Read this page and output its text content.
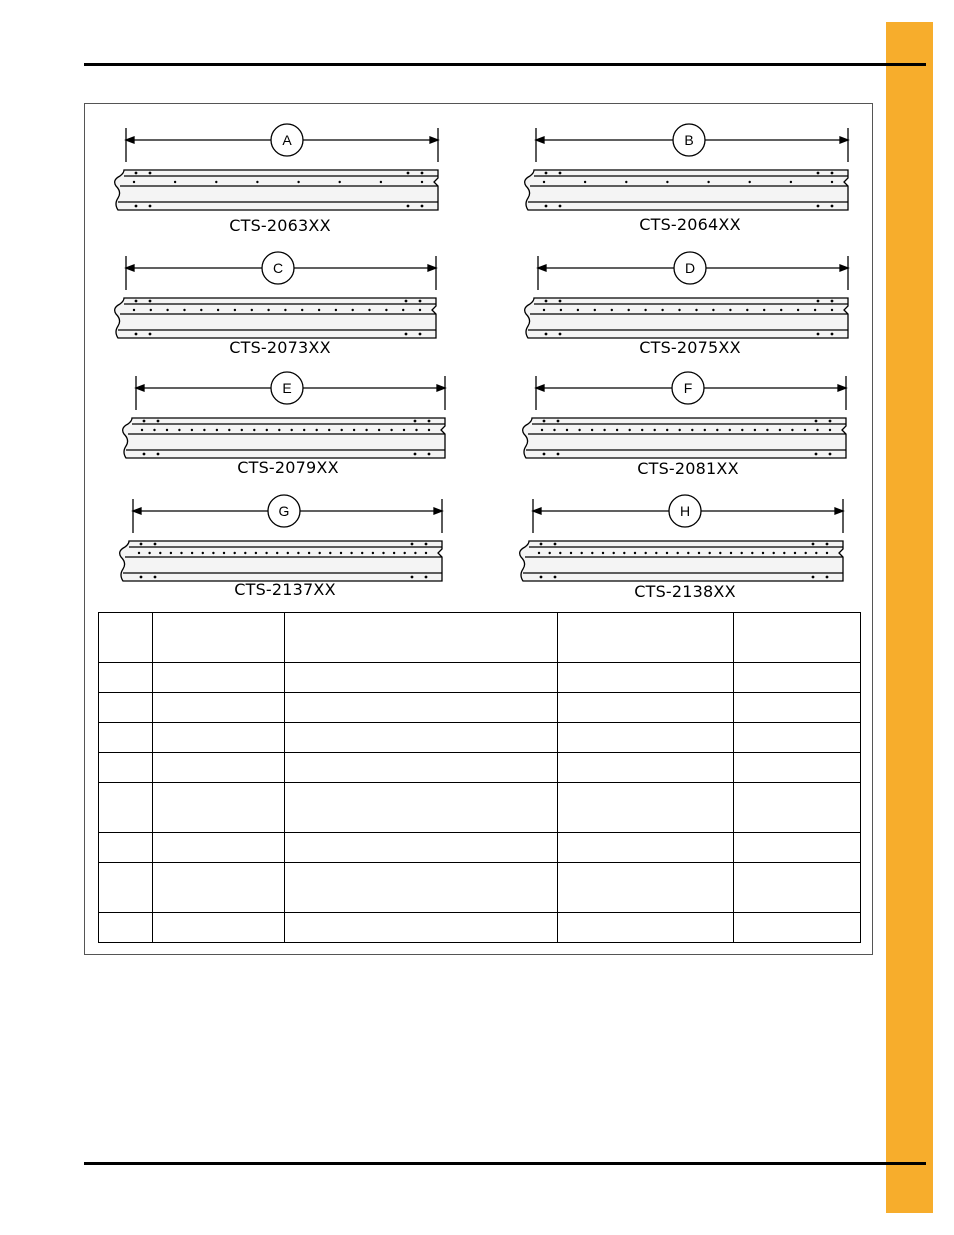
A
CTS-2063XX
B
CTS-2064XX
C
CTS-2073XX
D
CTS-2075XX
E
CTS-2079XX
F
CTS-2081XX
G
CTS-2137XX
H
CTS-2138XX
